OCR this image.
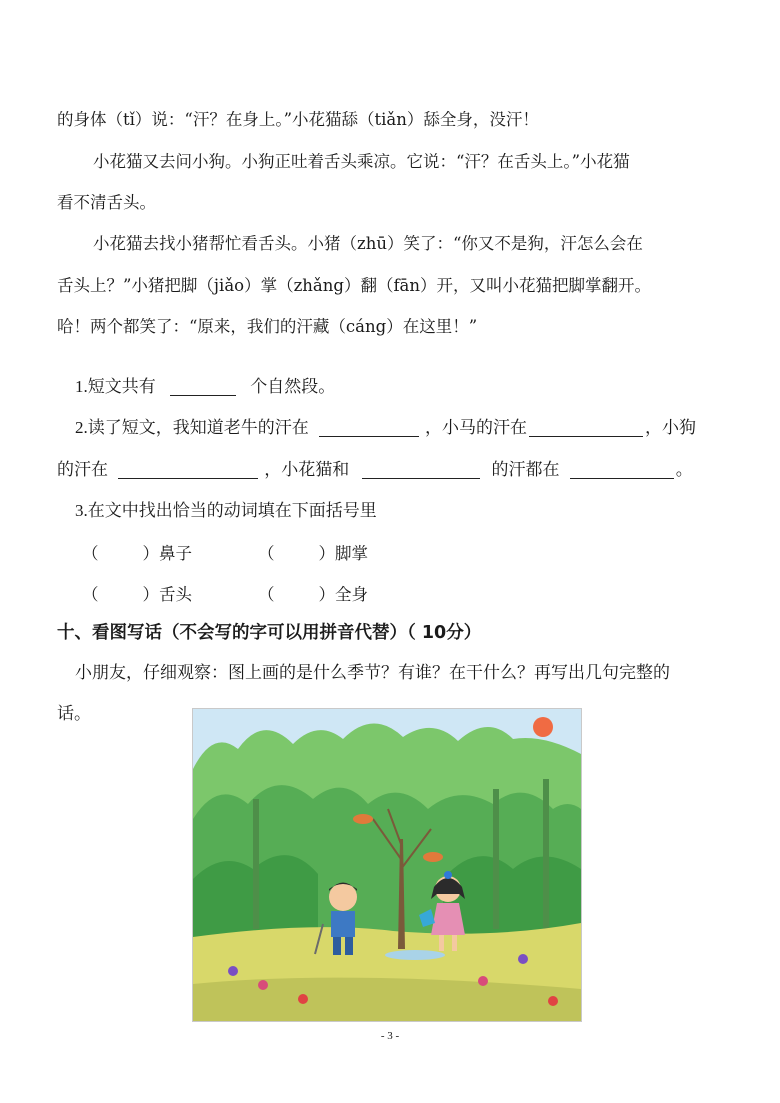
的身体（tǐ）说：“汗？在身上。”小花猫舔（tiǎn）舔全身，没汗！
小花猫又去问小狗。小狗正吐着舌头乘凉。它说：“汗？在舌头上。”小花猫
看不清舌头。
小花猫去找小猪帮忙看舌头。小猪（zhū）笑了：“你又不是狗，汗怎么会在
舌头上？”小猪把脚（jiǎo）掌（zhǎng）翻（fān）开，又叫小花猫把脚掌翻开。
哈！两个都笑了：“原来，我们的汗藏（cáng）在这里！”
1.短文共有	个自然段。
2.读了短文，我知道老牛的汗在	，小马的汗在	，小狗
的汗在	，小花猫和	的汗都在	。
3.在文中找出恰当的动词填在下面括号里
（	）鼻子	（	）脚掌
（	）舌头	（	）全身
十、看图写话（不会写的字可以用拼音代替）（ 10分）
小朋友，仔细观察：图上画的是什么季节？有谁？在干什么？再写出几句完整的
话。
- 3 -
